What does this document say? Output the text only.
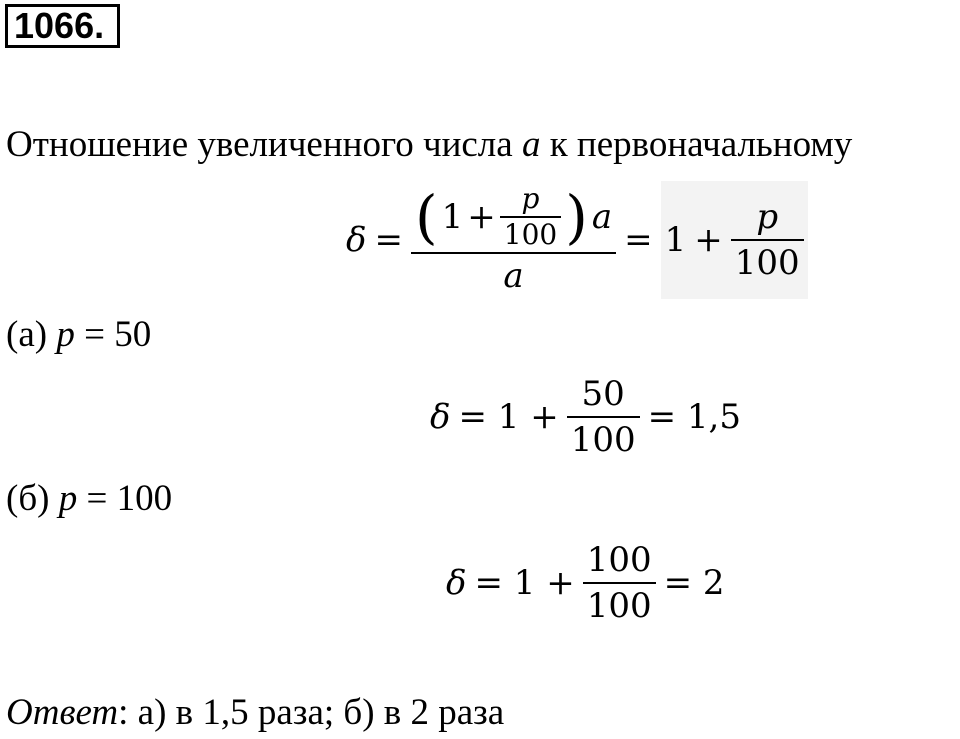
1066.
Отношение увеличенного числа a к первоначальному
δ = ( $1 + \frac{p}{100}$ ) a
a
= $1 + \frac{p}{100}$
(а) p = 50
$\delta = 1 + \frac{50}{100} = 1,5$
(б) p = 100
$\delta = 1 + \frac{100}{100} = 2$
Ответ: а) в 1,5 раза; б) в 2 раза
